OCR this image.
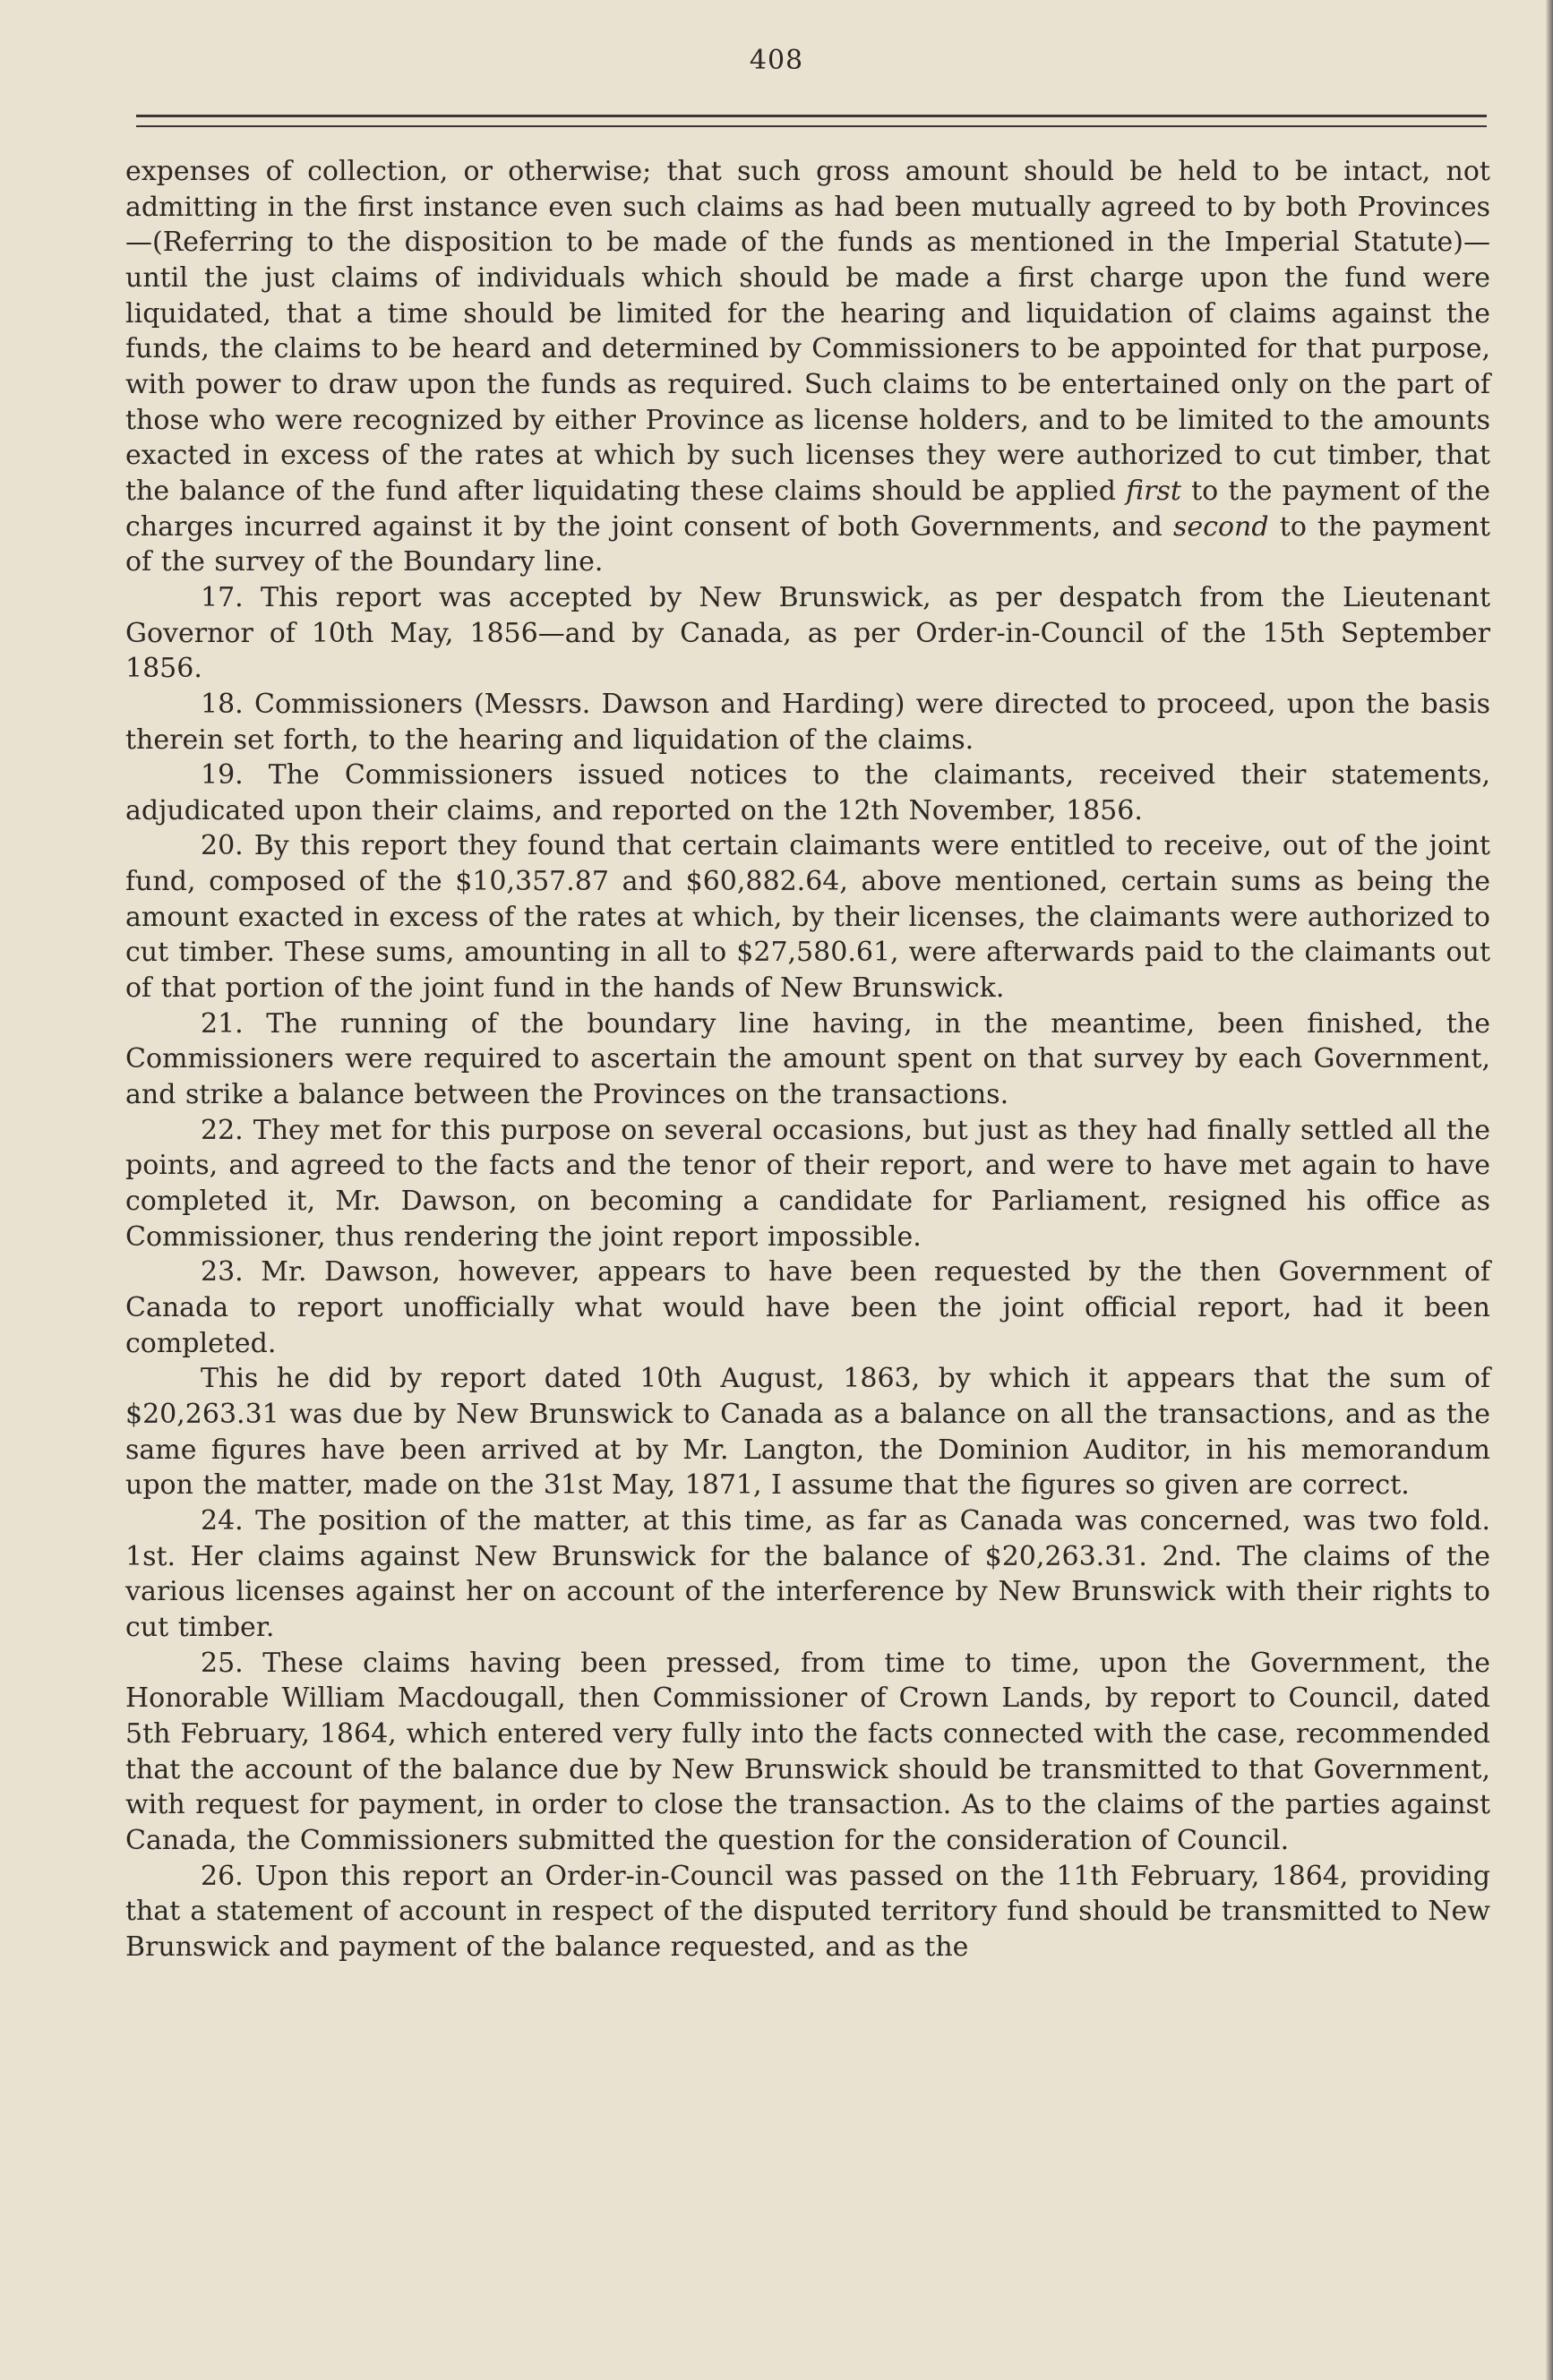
408

expenses of collection, or otherwise; that such gross amount should be held to be intact, not admitting in the first instance even such claims as had been mutually agreed to by both Provinces—(Referring to the disposition to be made of the funds as mentioned in the Imperial Statute)—until the just claims of individuals which should be made a first charge upon the fund were liquidated, that a time should be limited for the hearing and liquidation of claims against the funds, the claims to be heard and determined by Commissioners to be appointed for that purpose, with power to draw upon the funds as required. Such claims to be entertained only on the part of those who were recognized by either Province as license holders, and to be limited to the amounts exacted in excess of the rates at which by such licenses they were authorized to cut timber, that the balance of the fund after liquidating these claims should be applied first to the payment of the charges incurred against it by the joint consent of both Governments, and second to the payment of the survey of the Boundary line.

17. This report was accepted by New Brunswick, as per despatch from the Lieutenant Governor of 10th May, 1856—and by Canada, as per Order-in-Council of the 15th September 1856.

18. Commissioners (Messrs. Dawson and Harding) were directed to proceed, upon the basis therein set forth, to the hearing and liquidation of the claims.

19. The Commissioners issued notices to the claimants, received their statements, adjudicated upon their claims, and reported on the 12th November, 1856.

20. By this report they found that certain claimants were entitled to receive, out of the joint fund, composed of the $10,357.87 and $60,882.64, above mentioned, certain sums as being the amount exacted in excess of the rates at which, by their licenses, the claimants were authorized to cut timber. These sums, amounting in all to $27,580.61, were afterwards paid to the claimants out of that portion of the joint fund in the hands of New Brunswick.

21. The running of the boundary line having, in the meantime, been finished, the Commissioners were required to ascertain the amount spent on that survey by each Government, and strike a balance between the Provinces on the transactions.

22. They met for this purpose on several occasions, but just as they had finally settled all the points, and agreed to the facts and the tenor of their report, and were to have met again to have completed it, Mr. Dawson, on becoming a candidate for Parliament, resigned his office as Commissioner, thus rendering the joint report impossible.

23. Mr. Dawson, however, appears to have been requested by the then Government of Canada to report unofficially what would have been the joint official report, had it been completed.

This he did by report dated 10th August, 1863, by which it appears that the sum of $20,263.31 was due by New Brunswick to Canada as a balance on all the transactions, and as the same figures have been arrived at by Mr. Langton, the Dominion Auditor, in his memorandum upon the matter, made on the 31st May, 1871, I assume that the figures so given are correct.

24. The position of the matter, at this time, as far as Canada was concerned, was two fold. 1st. Her claims against New Brunswick for the balance of $20,263.31. 2nd. The claims of the various licenses against her on account of the interference by New Brunswick with their rights to cut timber.

25. These claims having been pressed, from time to time, upon the Government, the Honorable William Macdougall, then Commissioner of Crown Lands, by report to Council, dated 5th February, 1864, which entered very fully into the facts connected with the case, recommended that the account of the balance due by New Brunswick should be transmitted to that Government, with request for payment, in order to close the transaction. As to the claims of the parties against Canada, the Commissioners submitted the question for the consideration of Council.

26. Upon this report an Order-in-Council was passed on the 11th February, 1864, providing that a statement of account in respect of the disputed territory fund should be transmitted to New Brunswick and payment of the balance requested, and as the
